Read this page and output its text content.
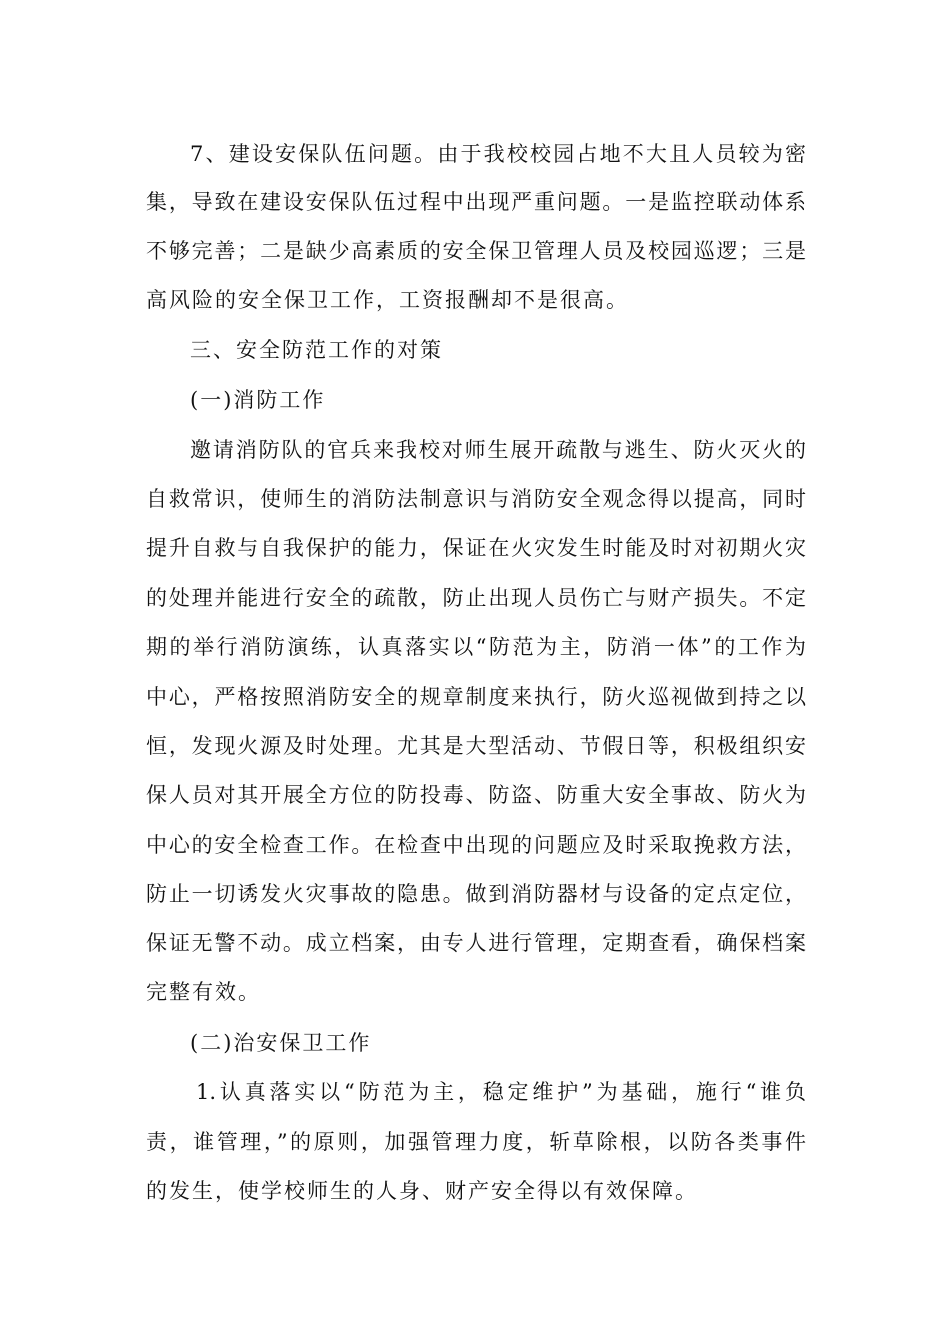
7、建设安保队伍问题。由于我校校园占地不大且人员较为密
集，导致在建设安保队伍过程中出现严重问题。一是监控联动体系
不够完善；二是缺少高素质的安全保卫管理人员及校园巡逻；三是
高风险的安全保卫工作，工资报酬却不是很高。
三、安全防范工作的对策
(一)消防工作
邀请消防队的官兵来我校对师生展开疏散与逃生、防火灭火的
自救常识，使师生的消防法制意识与消防安全观念得以提高，同时
提升自救与自我保护的能力，保证在火灾发生时能及时对初期火灾
的处理并能进行安全的疏散，防止出现人员伤亡与财产损失。不定
期的举行消防演练，认真落实以“防范为主，防消一体”的工作为
中心，严格按照消防安全的规章制度来执行，防火巡视做到持之以
恒，发现火源及时处理。尤其是大型活动、节假日等，积极组织安
保人员对其开展全方位的防投毒、防盗、防重大安全事故、防火为
中心的安全检查工作。在检查中出现的问题应及时采取挽救方法，
防止一切诱发火灾事故的隐患。做到消防器材与设备的定点定位，
保证无警不动。成立档案，由专人进行管理，定期查看，确保档案
完整有效。
(二)治安保卫工作
1.认真落实以“防范为主，稳定维护”为基础，施行“谁负
责，谁管理，”的原则，加强管理力度，斩草除根，以防各类事件
的发生，使学校师生的人身、财产安全得以有效保障。
